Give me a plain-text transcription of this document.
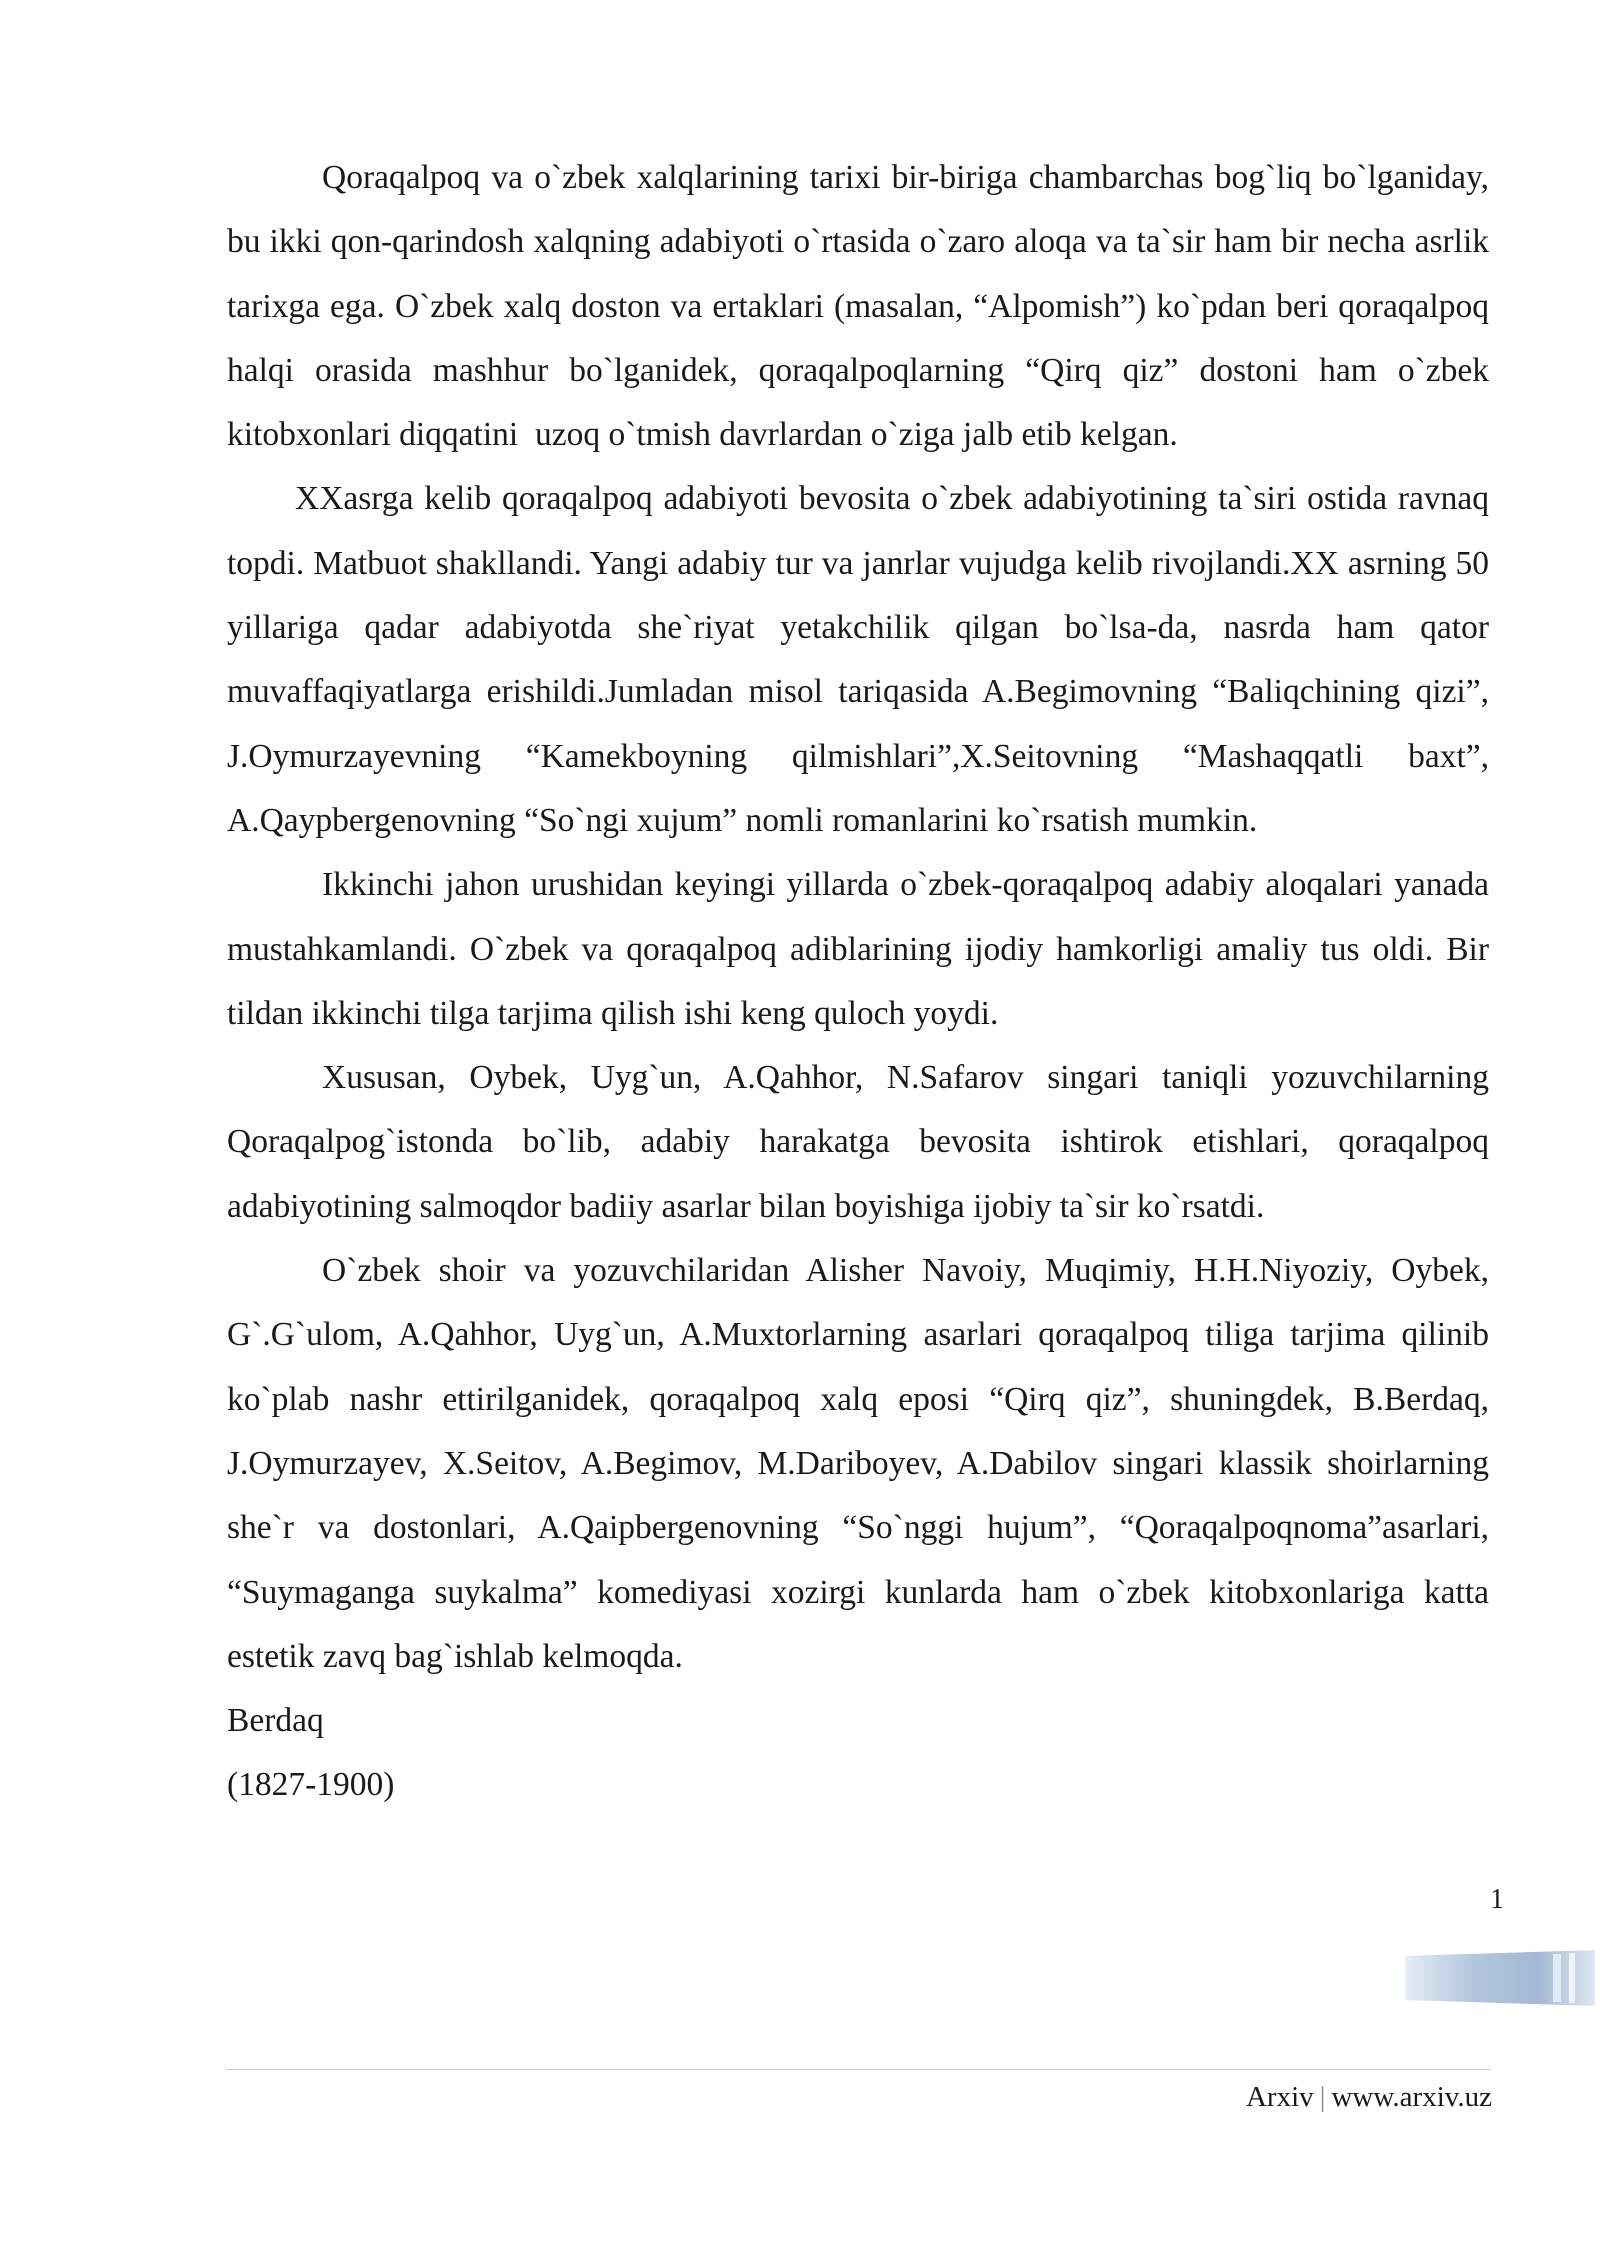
Qoraqalpoq va o`zbek xalqlarining tarixi bir-biriga chambarchas bog`liq bo`lganiday, bu ikki qon-qarindosh xalqning adabiyoti o`rtasida o`zaro aloqa va ta`sir ham bir necha asrlik tarixga ega. O`zbek xalq doston va ertaklari (masalan, “Alpomish”) ko`pdan beri qoraqalpoq halqi orasida mashhur bo`lganidek, qoraqalpoqlarning “Qirq qiz” dostoni ham o`zbek kitobxonlari diqqatini  uzoq o`tmish davrlardan o`ziga jalb etib kelgan.

XXasrga kelib qoraqalpoq adabiyoti bevosita o`zbek adabiyotining ta`siri ostida ravnaq topdi. Matbuot shakllandi. Yangi adabiy tur va janrlar vujudga kelib rivojlandi.XX asrning 50 yillariga qadar adabiyotda she`riyat yetakchilik qilgan bo`lsa-da, nasrda ham qator muvaffaqiyatlarga erishildi.Jumladan misol tariqasida A.Begimovning “Baliqchining qizi”, J.Oymurzayevning “Kamekboyning qilmishlari”,X.Seitovning “Mashaqqatli baxt”, A.Qaypbergenovning “So`ngi xujum” nomli romanlarini ko`rsatish mumkin.

Ikkinchi jahon urushidan keyingi yillarda o`zbek-qoraqalpoq adabiy aloqalari yanada mustahkamlandi. O`zbek va qoraqalpoq adiblarining ijodiy hamkorligi amaliy tus oldi. Bir tildan ikkinchi tilga tarjima qilish ishi keng quloch yoydi.

Xususan, Oybek, Uyg`un, A.Qahhor, N.Safarov singari taniqli yozuvchilarning Qoraqalpog`istonda bo`lib, adabiy harakatga bevosita ishtirok etishlari, qoraqalpoq  adabiyotining salmoqdor badiiy asarlar bilan boyishiga ijobiy ta`sir ko`rsatdi.

O`zbek shoir va yozuvchilaridan Alisher Navoiy, Muqimiy, H.H.Niyoziy, Oybek, G`.G`ulom, A.Qahhor, Uyg`un, A.Muxtorlarning asarlari qoraqalpoq tiliga tarjima qilinib ko`plab nashr ettirilganidek, qoraqalpoq xalq eposi “Qirq qiz”, shuningdek, B.Berdaq, J.Oymurzayev, X.Seitov, A.Begimov, M.Dariboyev, A.Dabilov singari klassik shoirlarning she`r va dostonlari, A.Qaipbergenovning “So`nggi hujum”, “Qoraqalpoqnoma”asarlari, “Suymaganga suykalma” komediyasi xozirgi kunlarda ham o`zbek kitobxonlariga katta estetik zavq bag`ishlab kelmoqda.

Berdaq

(1827-1900)

1
Arxiv | www.arxiv.uz
